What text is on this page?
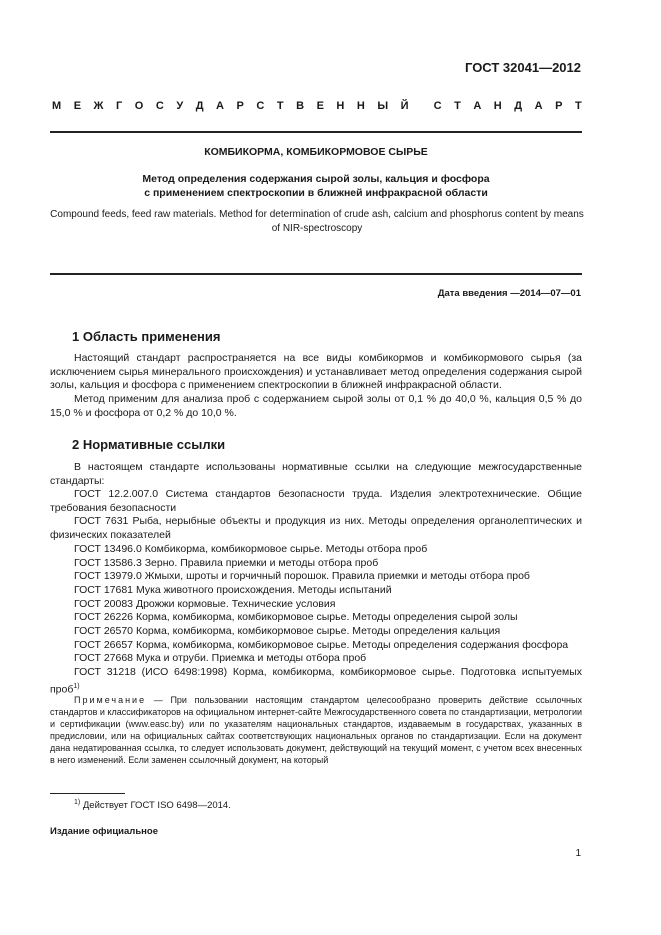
ГОСТ 32041—2012
М Е Ж Г О С У Д А Р С Т В Е Н Н Ы Й С Т А Н Д А Р Т
КОМБИКОРМА, КОМБИКОРМОВОЕ СЫРЬЕ
Метод определения содержания сырой золы, кальция и фосфора
с применением спектроскопии в ближней инфракрасной области
Compound feeds, feed raw materials. Method for determination of crude ash, calcium and phosphorus content by means of NIR-spectroscopy
Дата введения —2014—07—01
1 Область применения
Настоящий стандарт распространяется на все виды комбикормов и комбикормового сырья (за исключением сырья минерального происхождения) и устанавливает метод определения содержания сырой золы, кальция и фосфора с применением спектроскопии в ближней инфракрасной области.
Метод применим для анализа проб с содержанием сырой золы от 0,1 % до 40,0 %, кальция 0,5 % до 15,0 % и фосфора от 0,2 % до 10,0 %.
2 Нормативные ссылки
В настоящем стандарте использованы нормативные ссылки на следующие межгосударственные стандарты:
ГОСТ 12.2.007.0 Система стандартов безопасности труда. Изделия электротехнические. Общие требования безопасности
ГОСТ 7631 Рыба, нерыбные объекты и продукция из них. Методы определения органолептических и физических показателей
ГОСТ 13496.0 Комбикорма, комбикормовое сырье. Методы отбора проб
ГОСТ 13586.3 Зерно. Правила приемки и методы отбора проб
ГОСТ 13979.0 Жмыхи, шроты и горчичный порошок. Правила приемки и методы отбора проб
ГОСТ 17681 Мука животного происхождения. Методы испытаний
ГОСТ 20083 Дрожжи кормовые. Технические условия
ГОСТ 26226 Корма, комбикорма, комбикормовое сырье. Методы определения сырой золы
ГОСТ 26570 Корма, комбикорма, комбикормовое сырье. Методы определения кальция
ГОСТ 26657 Корма, комбикорма, комбикормовое сырье. Методы определения содержания фосфора
ГОСТ 27668 Мука и отруби. Приемка и методы отбора проб
ГОСТ 31218 (ИСО 6498:1998) Корма, комбикорма, комбикормовое сырье. Подготовка испытуемых проб$^{1)}$
Примечание — При пользовании настоящим стандартом целесообразно проверить действие ссылочных стандартов и классификаторов на официальном интернет-сайте Межгосударственного совета по стандартизации, метрологии и сертификации (www.easc.by) или по указателям национальных стандартов, издаваемым в государствах, указанных в предисловии, или на официальных сайтах соответствующих национальных органов по стандартизации. Если на документ дана недатированная ссылка, то следует использовать документ, действующий на текущий момент, с учетом всех внесенных в него изменений. Если заменен ссылочный документ, на который
$^{1)}$ Действует ГОСТ ISO 6498—2014.
Издание официальное
1
